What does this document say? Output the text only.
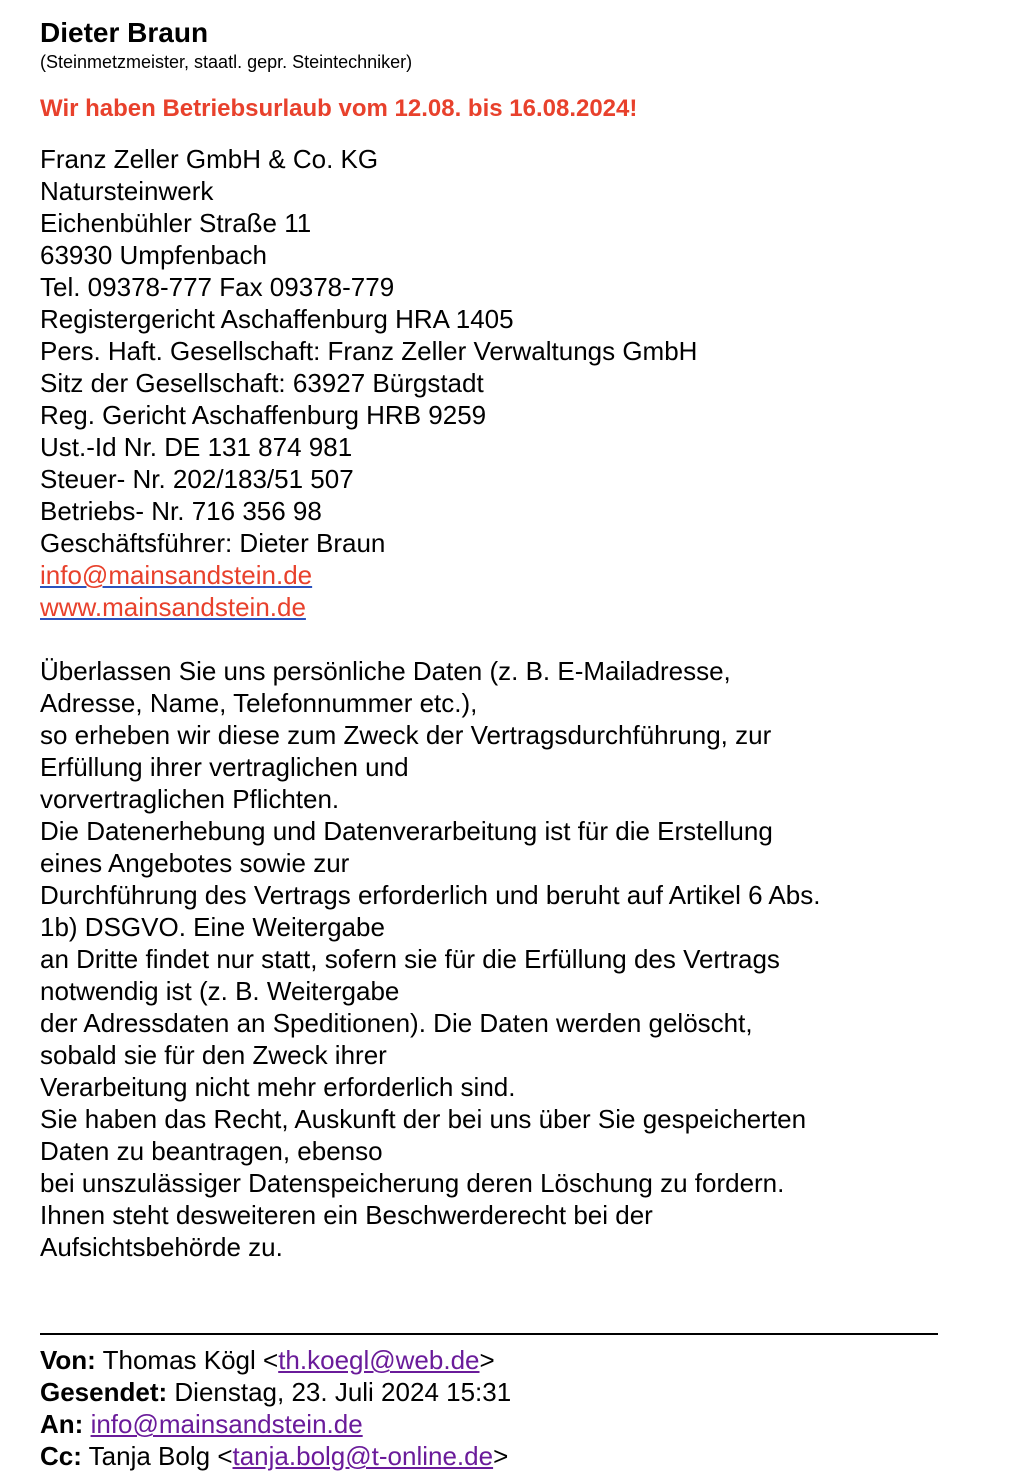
Dieter Braun

(Steinmetzmeister, staatl. gepr. Steintechniker)

Wir haben Betriebsurlaub vom 12.08. bis 16.08.2024!
Franz Zeller GmbH & Co. KG
Natursteinwerk
Eichenbühler Straße 11
63930 Umpfenbach
Tel. 09378-777 Fax 09378-779
Registergericht Aschaffenburg HRA 1405
Pers. Haft. Gesellschaft: Franz Zeller Verwaltungs GmbH
Sitz der Gesellschaft: 63927 Bürgstadt
Reg. Gericht Aschaffenburg HRB 9259
Ust.-Id Nr. DE 131 874 981
Steuer- Nr. 202/183/51 507
Betriebs- Nr. 716 356 98
Geschäftsführer: Dieter Braun
info@mainsandstein.de
www.mainsandstein.de
Überlassen Sie uns persönliche Daten (z. B. E-Mailadresse,
Adresse, Name, Telefonnummer etc.),
so erheben wir diese zum Zweck der Vertragsdurchführung, zur
Erfüllung ihrer vertraglichen und
vorvertraglichen Pflichten.
Die Datenerhebung und Datenverarbeitung ist für die Erstellung
eines Angebotes sowie zur
Durchführung des Vertrags erforderlich und beruht auf Artikel 6 Abs.
1b) DSGVO. Eine Weitergabe
an Dritte findet nur statt, sofern sie für die Erfüllung des Vertrags
notwendig ist (z. B. Weitergabe
der Adressdaten an Speditionen). Die Daten werden gelöscht,
sobald sie für den Zweck ihrer
Verarbeitung nicht mehr erforderlich sind.
Sie haben das Recht, Auskunft der bei uns über Sie gespeicherten
Daten zu beantragen, ebenso
bei unszulässiger Datenspeicherung deren Löschung zu fordern.
Ihnen steht desweiteren ein Beschwerderecht bei der
Aufsichtsbehörde zu.
Von: Thomas Kögl <th.koegl@web.de>
Gesendet: Dienstag, 23. Juli 2024 15:31
An: info@mainsandstein.de
Cc: Tanja Bolg <tanja.bolg@t-online.de>
